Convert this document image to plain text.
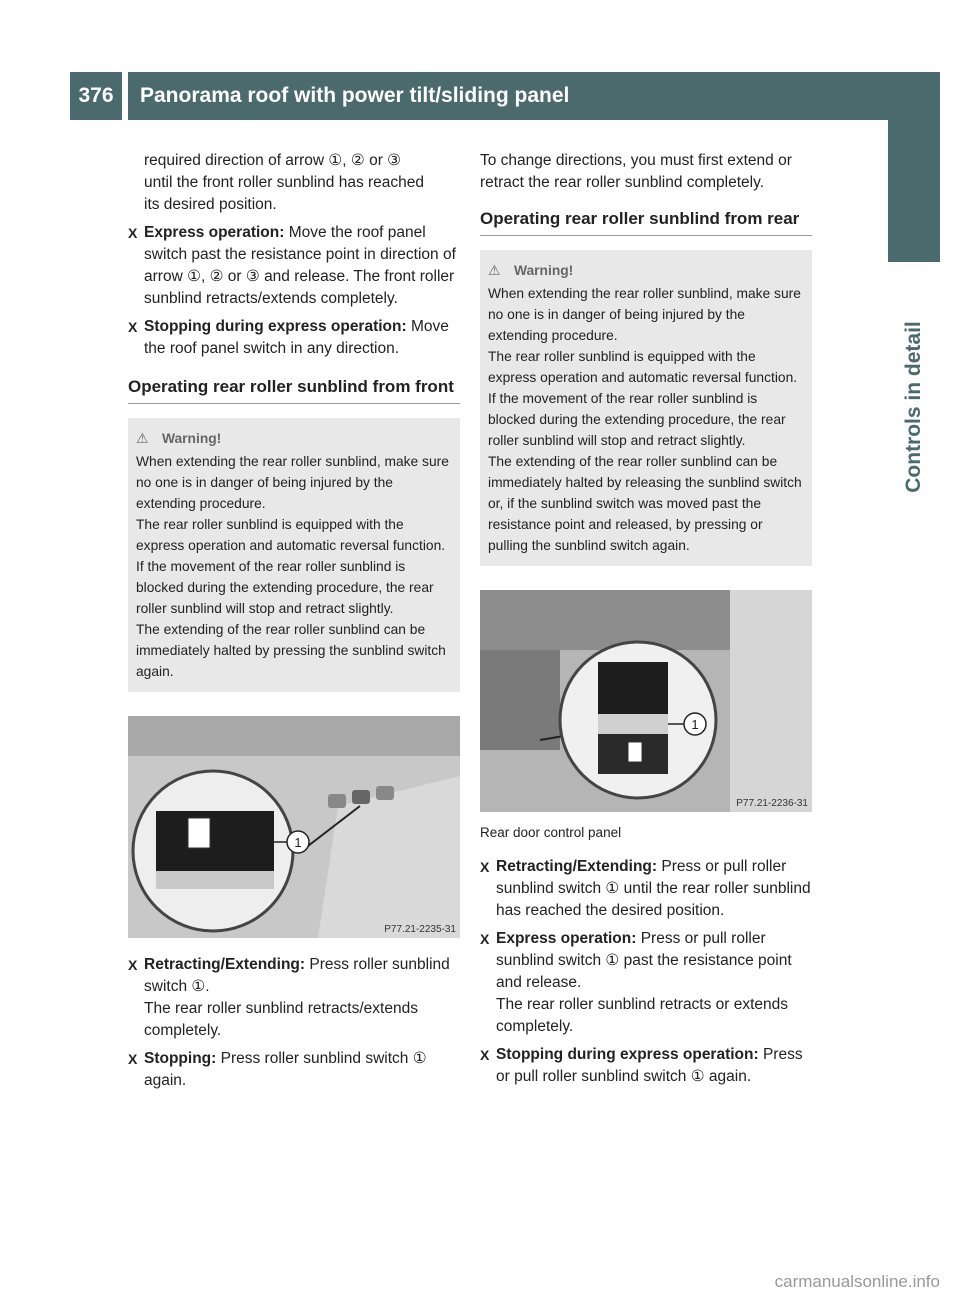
376	Panorama roof with power tilt/sliding panel
Controls in detail

required direction of arrow ①, ② or ③

until the front roller sunblind has reached

its desired position.

X Express operation: Move the roof panel switch past the resistance point in direction of arrow ①, ② or ③ and release. The front roller sunblind retracts/extends completely.
X Stopping during express operation: Move the roof panel switch in any direction.
Operating rear roller sunblind from front
⚠ Warning!
When extending the rear roller sunblind, make sure no one is in danger of being injured by the extending procedure.
The rear roller sunblind is equipped with the express operation and automatic reversal function. If the movement of the rear roller sunblind is blocked during the extending procedure, the rear roller sunblind will stop and retract slightly.
The extending of the rear roller sunblind can be immediately halted by pressing the sunblind switch again.
1
P77.21-2235-31
X Retracting/Extending: Press roller sunblind switch ①.
The rear roller sunblind retracts/extends completely.
X Stopping: Press roller sunblind switch ① again.

To change directions, you must first extend or retract the rear roller sunblind completely.

Operating rear roller sunblind from rear
⚠ Warning!
When extending the rear roller sunblind, make sure no one is in danger of being injured by the extending procedure.
The rear roller sunblind is equipped with the express operation and automatic reversal function. If the movement of the rear roller sunblind is blocked during the extending procedure, the rear roller sunblind will stop and retract slightly.
The extending of the rear roller sunblind can be immediately halted by releasing the sunblind switch or, if the sunblind switch was moved past the resistance point and released, by pressing or pulling the sunblind switch again.
1
P77.21-2236-31

Rear door control panel

X Retracting/Extending: Press or pull roller sunblind switch ① until the rear roller sunblind has reached the desired position.
X Express operation: Press or pull roller sunblind switch ① past the resistance point and release.
The rear roller sunblind retracts or extends completely.
X Stopping during express operation: Press or pull roller sunblind switch ① again.
carmanualsonline.info
